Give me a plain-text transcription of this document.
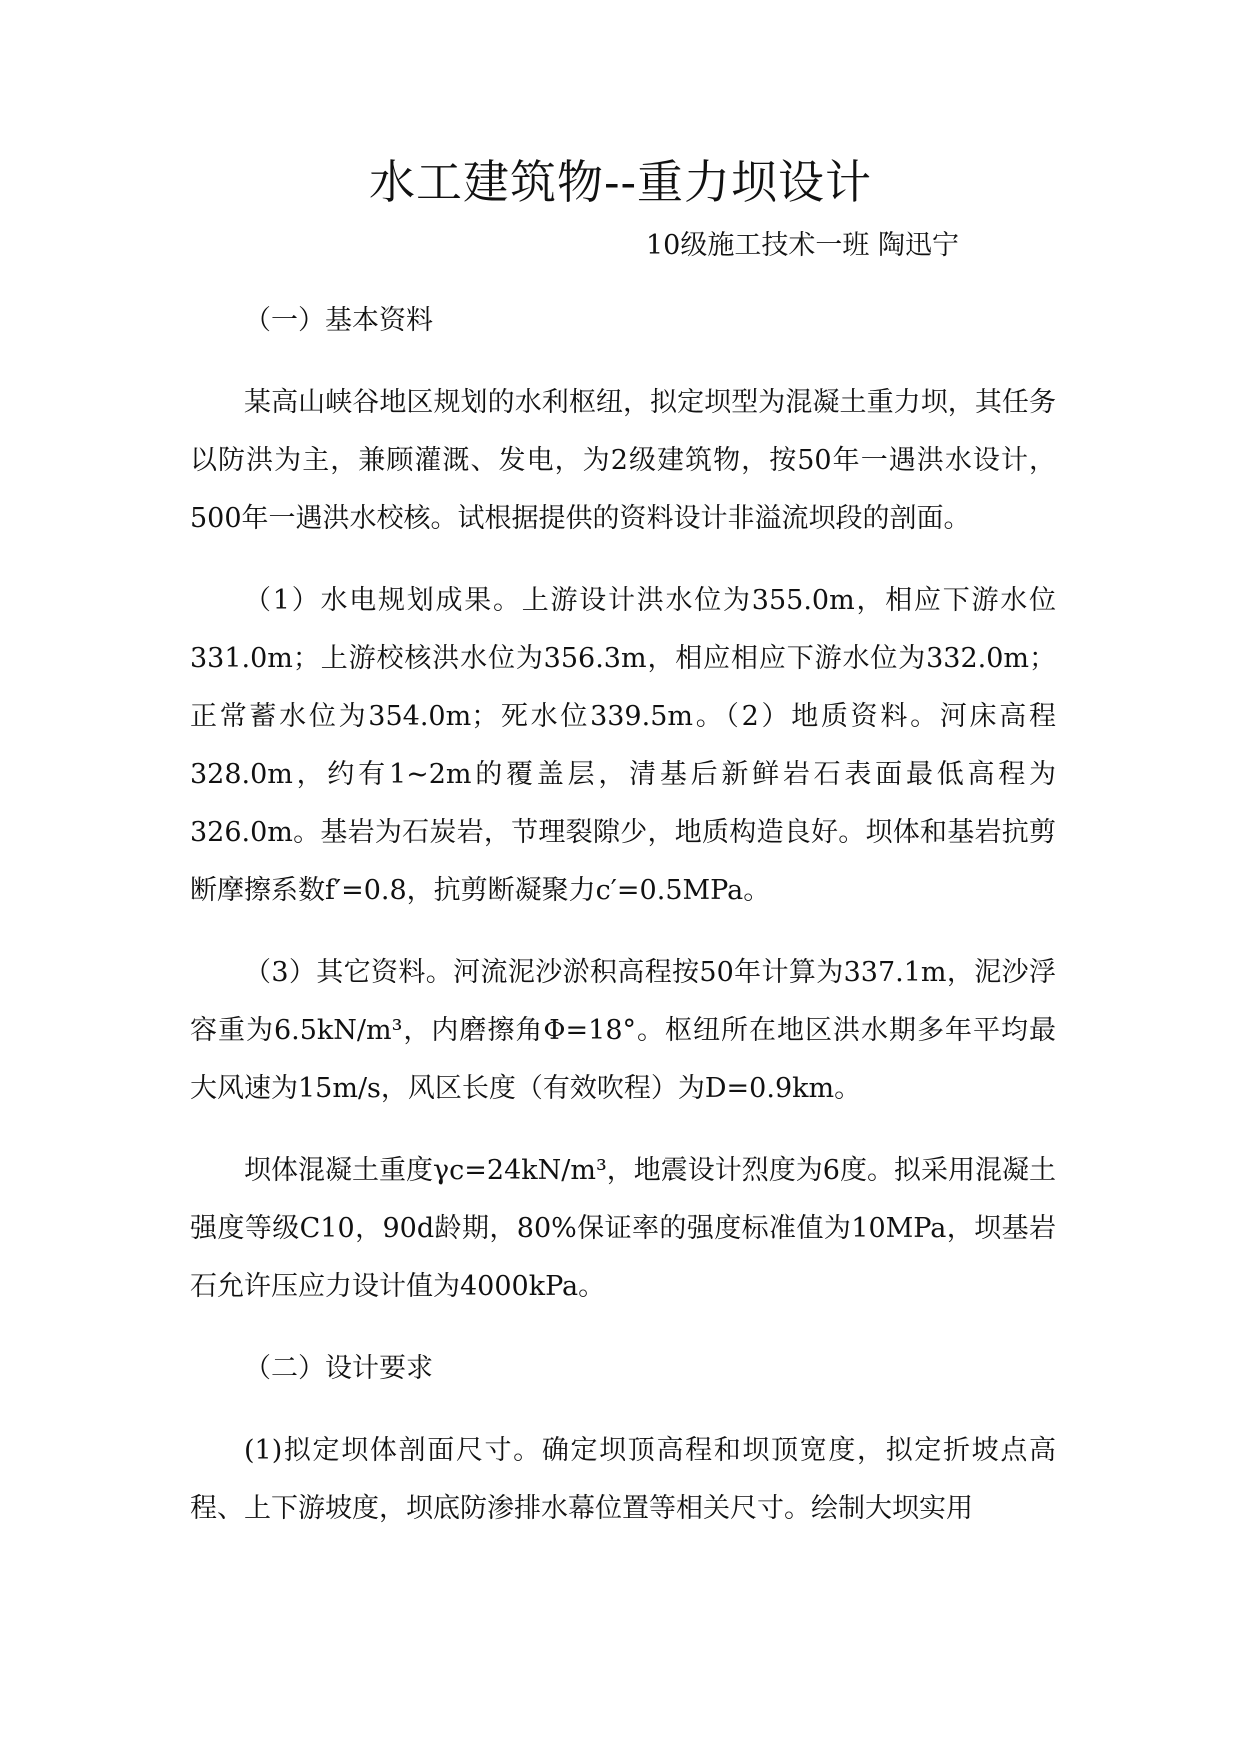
水工建筑物--重力坝设计
10级施工技术一班 陶迅宁

（一）基本资料

某高山峡谷地区规划的水利枢纽，拟定坝型为混凝土重力坝，其任务以防洪为主，兼顾灌溉、发电，为2级建筑物，按50年一遇洪水设计，500年一遇洪水校核。试根据提供的资料设计非溢流坝段的剖面。

（1）水电规划成果。上游设计洪水位为355.0m，相应下游水位331.0m；上游校核洪水位为356.3m，相应相应下游水位为332.0m；正常蓄水位为354.0m；死水位339.5m。（2）地质资料。河床高程328.0m，约有1~2m的覆盖层，清基后新鲜岩石表面最低高程为326.0m。基岩为石炭岩，节理裂隙少，地质构造良好。坝体和基岩抗剪断摩擦系数f′=0.8，抗剪断凝聚力c′=0.5MPa。

（3）其它资料。河流泥沙淤积高程按50年计算为337.1m，泥沙浮容重为6.5kN/m³，内磨擦角Φ=18°。枢纽所在地区洪水期多年平均最大风速为15m/s，风区长度（有效吹程）为D=0.9km。

坝体混凝土重度γc=24kN/m³，地震设计烈度为6度。拟采用混凝土强度等级C10，90d龄期，80%保证率的强度标准值为10MPa，坝基岩石允许压应力设计值为4000kPa。

（二）设计要求

(1)拟定坝体剖面尺寸。确定坝顶高程和坝顶宽度，拟定折坡点高程、上下游坡度，坝底防渗排水幕位置等相关尺寸。绘制大坝实用
